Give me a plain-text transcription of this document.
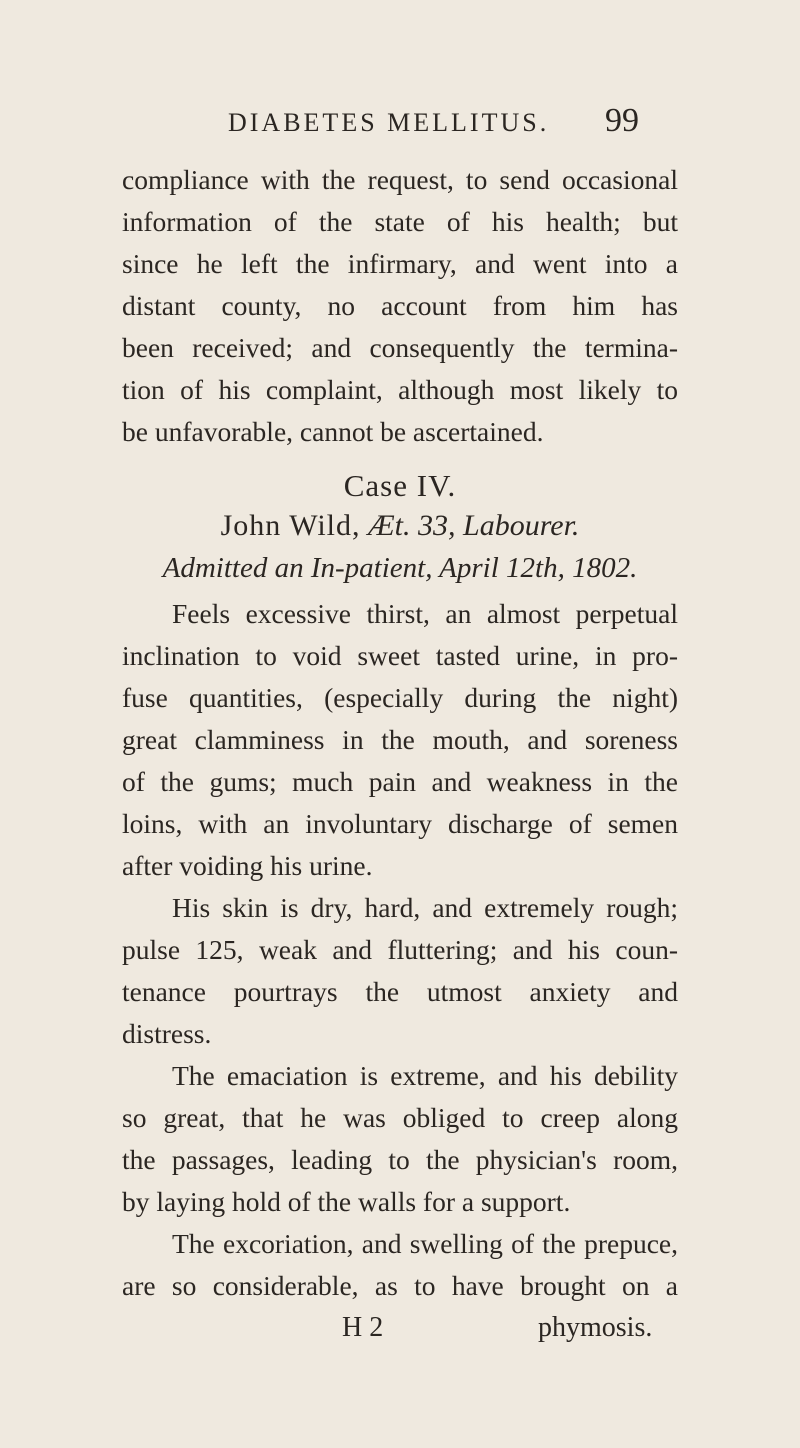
DIABETES MELLITUS. 99
Case IV.
John Wild, Æt. 33, Labourer.
Admitted an In-patient, April 12th, 1802.
compliance with the request, to send occasional
information of the state of his health; but
since he left the infirmary, and went into a
distant county, no account from him has
been received; and consequently the termina-
tion of his complaint, although most likely to
be unfavorable, cannot be ascertained.
Feels excessive thirst, an almost perpetual
inclination to void sweet tasted urine, in pro-
fuse quantities, (especially during the night)
great clamminess in the mouth, and soreness
of the gums; much pain and weakness in the
loins, with an involuntary discharge of semen
after voiding his urine.
His skin is dry, hard, and extremely rough;
pulse 125, weak and fluttering; and his coun-
tenance pourtrays the utmost anxiety and
distress.
The emaciation is extreme, and his debility
so great, that he was obliged to creep along
the passages, leading to the physician's room,
by laying hold of the walls for a support.
The excoriation, and swelling of the prepuce,
are so considerable, as to have brought on a
H 2	phymosis.
